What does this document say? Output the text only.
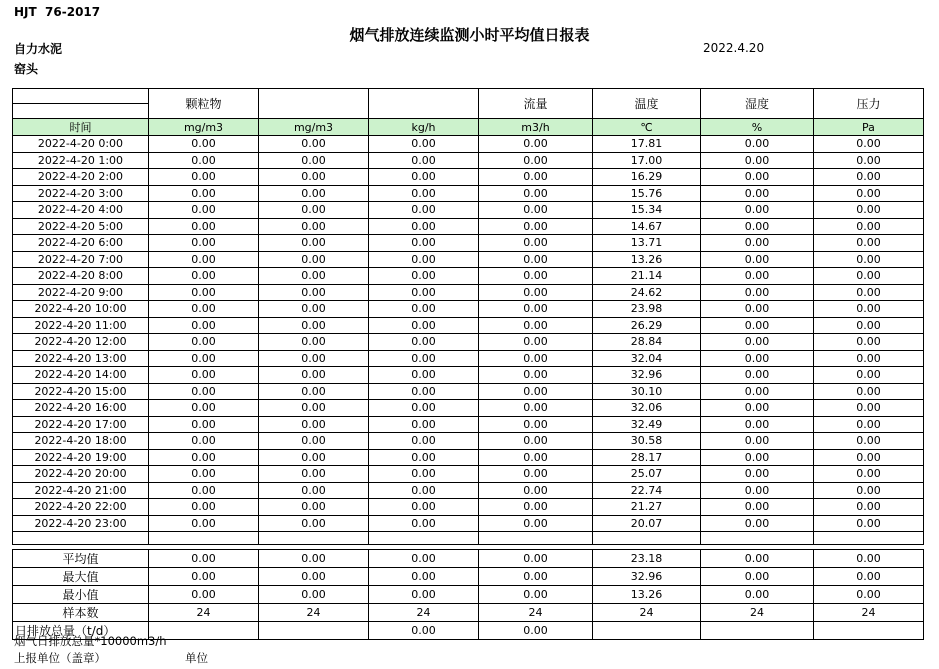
HJT  76-2017
烟气排放连续监测小时平均值日报表
2022.4.20
自力水泥
窑头
	颗粒物			流量	温度	湿度	压力

时间	mg/m3	mg/m3	kg/h	m3/h	℃	%	Pa
2022-4-20 0:00	0.00	0.00	0.00	0.00	17.81	0.00	0.00
2022-4-20 1:00	0.00	0.00	0.00	0.00	17.00	0.00	0.00
2022-4-20 2:00	0.00	0.00	0.00	0.00	16.29	0.00	0.00
2022-4-20 3:00	0.00	0.00	0.00	0.00	15.76	0.00	0.00
2022-4-20 4:00	0.00	0.00	0.00	0.00	15.34	0.00	0.00
2022-4-20 5:00	0.00	0.00	0.00	0.00	14.67	0.00	0.00
2022-4-20 6:00	0.00	0.00	0.00	0.00	13.71	0.00	0.00
2022-4-20 7:00	0.00	0.00	0.00	0.00	13.26	0.00	0.00
2022-4-20 8:00	0.00	0.00	0.00	0.00	21.14	0.00	0.00
2022-4-20 9:00	0.00	0.00	0.00	0.00	24.62	0.00	0.00
2022-4-20 10:00	0.00	0.00	0.00	0.00	23.98	0.00	0.00
2022-4-20 11:00	0.00	0.00	0.00	0.00	26.29	0.00	0.00
2022-4-20 12:00	0.00	0.00	0.00	0.00	28.84	0.00	0.00
2022-4-20 13:00	0.00	0.00	0.00	0.00	32.04	0.00	0.00
2022-4-20 14:00	0.00	0.00	0.00	0.00	32.96	0.00	0.00
2022-4-20 15:00	0.00	0.00	0.00	0.00	30.10	0.00	0.00
2022-4-20 16:00	0.00	0.00	0.00	0.00	32.06	0.00	0.00
2022-4-20 17:00	0.00	0.00	0.00	0.00	32.49	0.00	0.00
2022-4-20 18:00	0.00	0.00	0.00	0.00	30.58	0.00	0.00
2022-4-20 19:00	0.00	0.00	0.00	0.00	28.17	0.00	0.00
2022-4-20 20:00	0.00	0.00	0.00	0.00	25.07	0.00	0.00
2022-4-20 21:00	0.00	0.00	0.00	0.00	22.74	0.00	0.00
2022-4-20 22:00	0.00	0.00	0.00	0.00	21.27	0.00	0.00
2022-4-20 23:00	0.00	0.00	0.00	0.00	20.07	0.00	0.00

平均值	0.00	0.00	0.00	0.00	23.18	0.00	0.00
最大值	0.00	0.00	0.00	0.00	32.96	0.00	0.00
最小值	0.00	0.00	0.00	0.00	13.26	0.00	0.00
样本数	24	24	24	24	24	24	24
日排放总量（t/d）			0.00	0.00			
烟气日排放总量*10000m3/h
上报单位（盖章）	单位
